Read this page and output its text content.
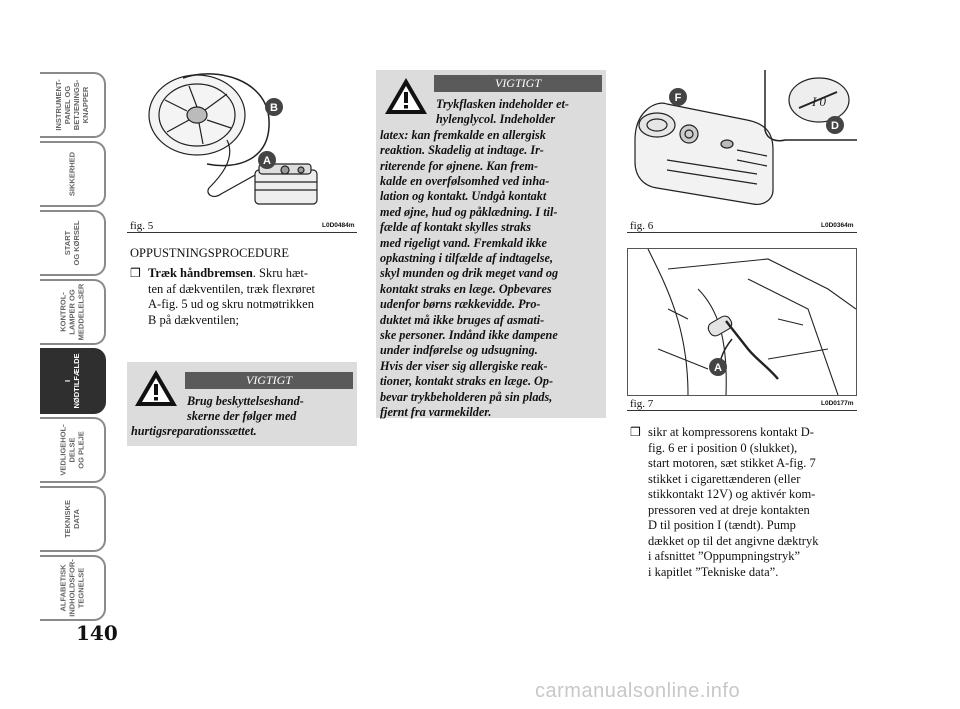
INSTRUMENT-
PANEL OG
BETJENINGS-
KNAPPER
SIKKERHED
START
OG KØRSEL
KONTROL-
LAMPER OG
MEDDELELSER
I
NØDTILFÆLDE
VEDLIGEHOL-
DELSE
OG PLEJE
TEKNISKE
DATA
ALFABETISK
INDHOLDSFOR-
TEGNELSE
140
B
A
fig. 5	L0D0484m
OPPUSTNINGSPROCEDURE
❒ Træk håndbremsen. Skru hæt-
ten af dækventilen, træk flexrøret
A-fig. 5 ud og skru notmøtrikken
B på dækventilen;
VIGTIGT
Brug beskyttelseshand-
skerne der følger med
hurtigsreparationssættet.
VIGTIGT
Trykflasken indeholder et-
hylenglycol. Indeholder
latex: kan fremkalde en allergisk
reaktion. Skadelig at indtage. Ir-
riterende for øjnene. Kan frem-
kalde en overfølsomhed ved inha-
lation og kontakt. Undgå kontakt
med øjne, hud og påklædning. I til-
fælde af kontakt skylles straks
med rigeligt vand. Fremkald ikke
opkastning i tilfælde af indtagelse,
skyl munden og drik meget vand og
kontakt straks en læge. Opbevares
udenfor børns rækkevidde. Pro-
duktet må ikke bruges af asmati-
ske personer. Indånd ikke dampene
under indførelse og udsugning.
Hvis der viser sig allergiske reak-
tioner, kontakt straks en læge. Op-
bevar trykbeholderen på sin plads,
fjernt fra varmekilder.
I 0
F
D
fig. 6	L0D0364m
A
fig. 7	L0D0177m
❒ sikr at kompressorens kontakt D-
fig. 6 er i position 0 (slukket),
start motoren, sæt stikket A-fig. 7
stikket i cigarettænderen (eller
stikkontakt 12V) og aktivér kom-
pressoren ved at dreje kontakten
D til position I (tændt). Pump
dækket op til det angivne dæktryk
i afsnittet ”Oppumpningstryk”
i kapitlet ”Tekniske data”.
carmanualsonline.info
